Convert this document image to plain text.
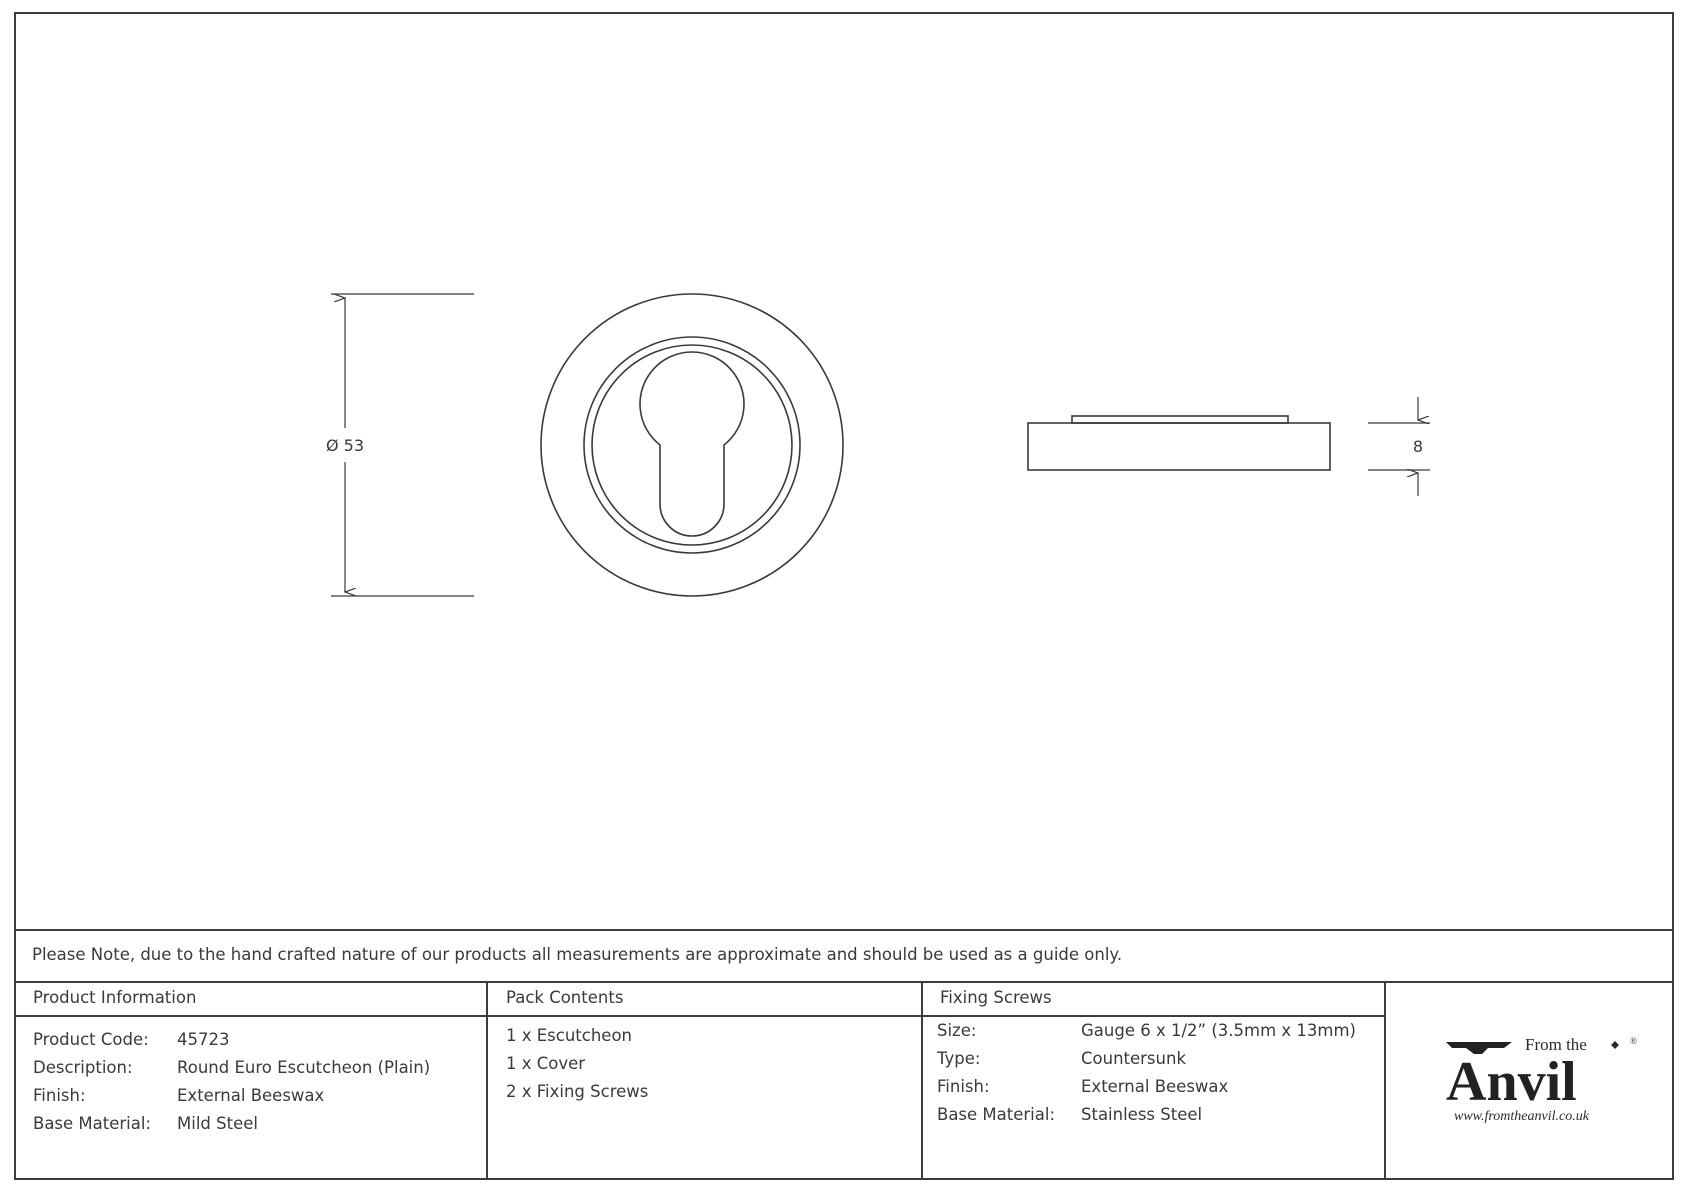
Ø 53	8
Please Note, due to the hand crafted nature of our products all measurements are approximate and should be used as a guide only.
Product Information
Product Code: 45723
Description:	Round Euro Escutcheon (Plain)
Finish:	External Beeswax
Base Material: Mild Steel
Pack Contents
1 x Escutcheon
1 x Cover
2 x Fixing Screws
Fixing Screws
Size:	Gauge 6 x 1/2” (3.5mm x 13mm)
Type:	Countersunk
Finish:	External Beeswax
Base Material: Stainless Steel
From the	®
Anvil
www.fromtheanvil.co.uk
